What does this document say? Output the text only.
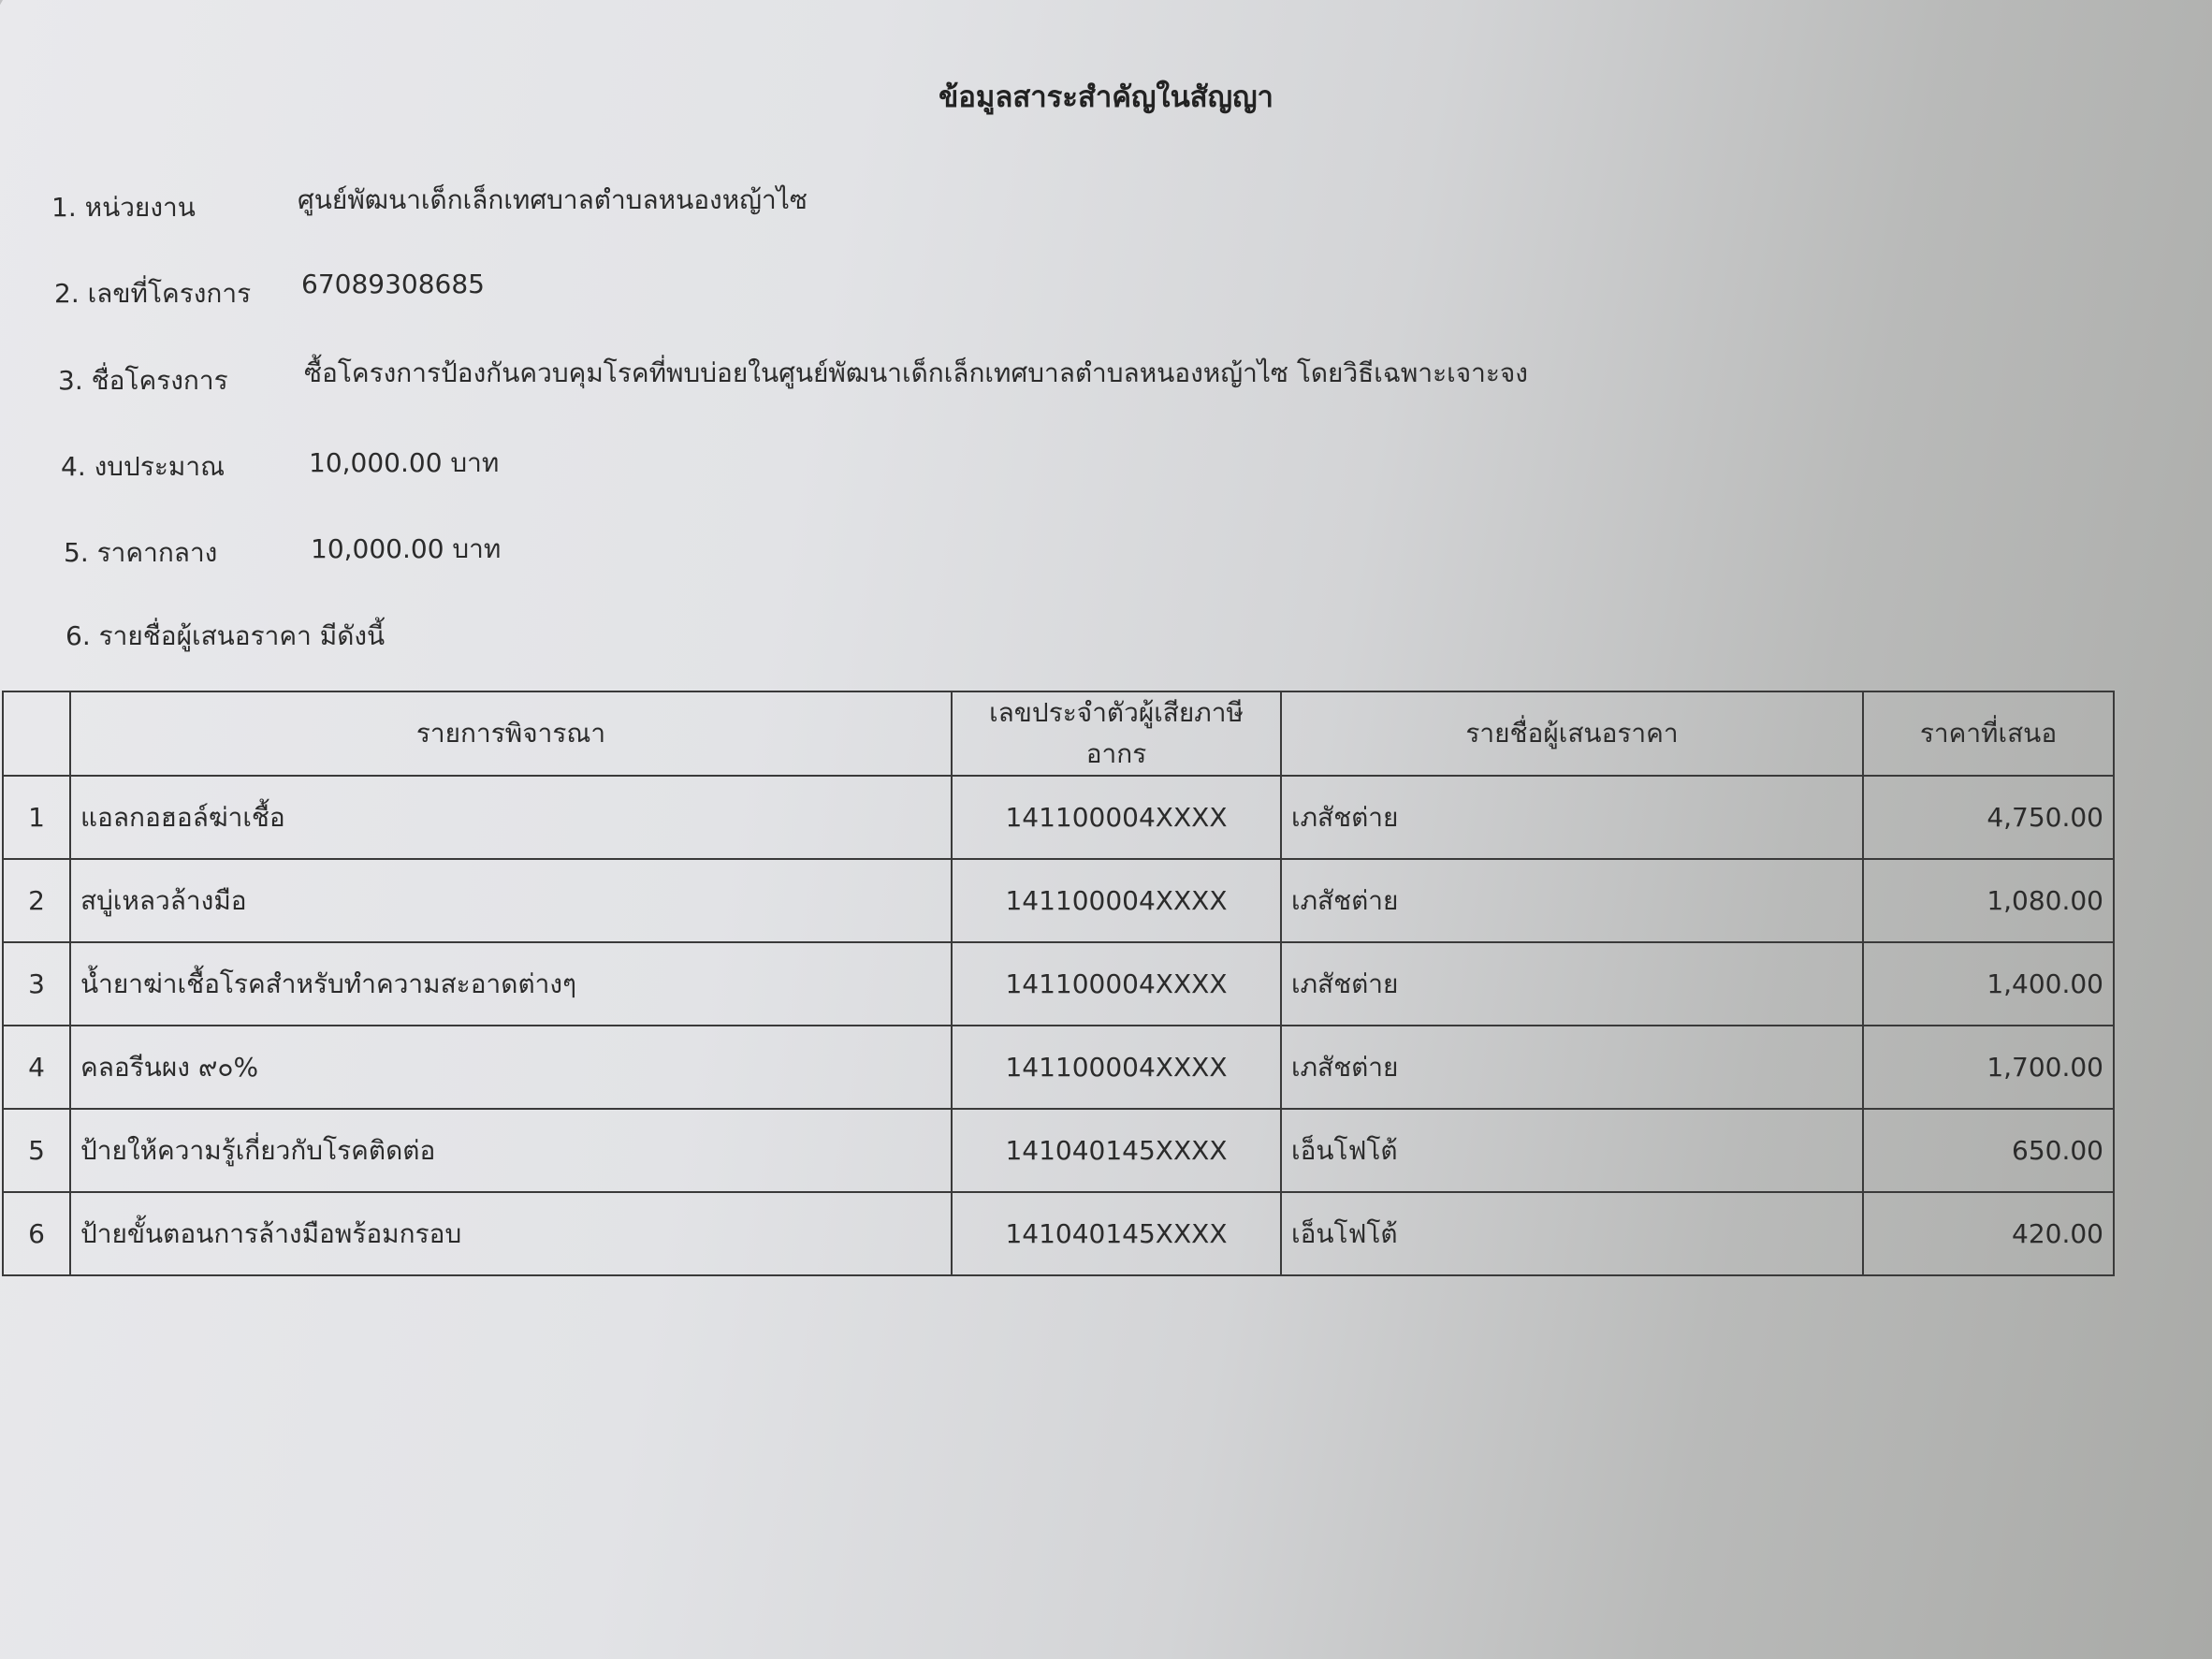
ข้อมูลสาระสำคัญในสัญญา
1. หน่วยงาน	ศูนย์พัฒนาเด็กเล็กเทศบาลตำบลหนองหญ้าไซ
2. เลขที่โครงการ 67089308685
3. ชื่อโครงการ	ซื้อโครงการป้องกันควบคุมโรคที่พบบ่อยในศูนย์พัฒนาเด็กเล็กเทศบาลตำบลหนองหญ้าไซ โดยวิธีเฉพาะเจาะจง
4. งบประมาณ	10,000.00 บาท
5. ราคากลาง	10,000.00 บาท
6. รายชื่อผู้เสนอราคา มีดังนี้
	รายการพิจารณา	เลขประจำตัวผู้เสียภาษีอากร	รายชื่อผู้เสนอราคา	ราคาที่เสนอ
1	แอลกอฮอล์ฆ่าเชื้อ	141100004XXXX	เภสัชต่าย	4,750.00
2	สบู่เหลวล้างมือ	141100004XXXX	เภสัชต่าย	1,080.00
3	น้ำยาฆ่าเชื้อโรคสำหรับทำความสะอาดต่างๆ	141100004XXXX	เภสัชต่าย	1,400.00
4	คลอรีนผง ๙๐%	141100004XXXX	เภสัชต่าย	1,700.00
5	ป้ายให้ความรู้เกี่ยวกับโรคติดต่อ	141040145XXXX	เอ็นโฟโต้	650.00
6	ป้ายขั้นตอนการล้างมือพร้อมกรอบ	141040145XXXX	เอ็นโฟโต้	420.00
